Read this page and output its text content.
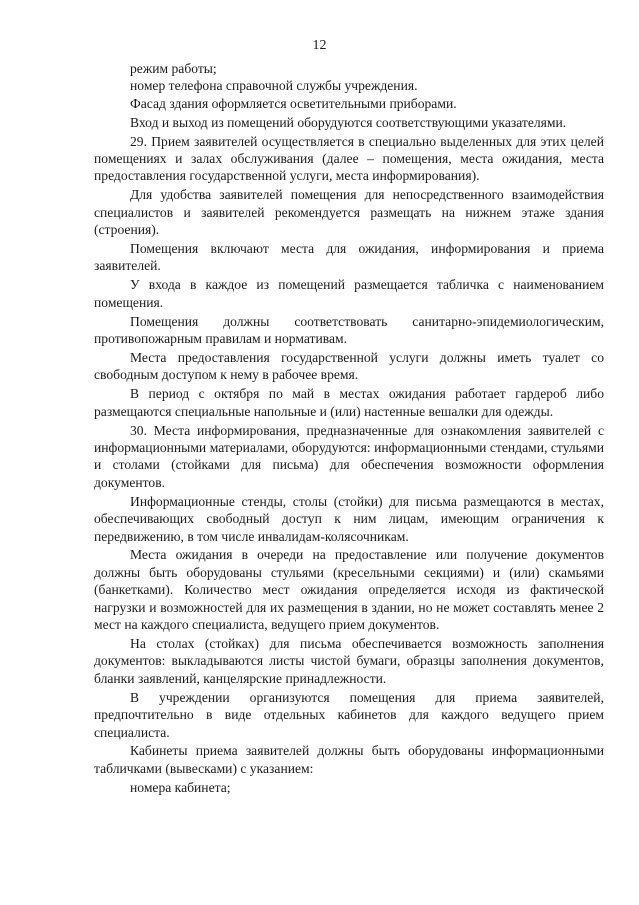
12

режим работы;

номер телефона справочной службы учреждения.

Фасад здания оформляется осветительными приборами.

Вход и выход из помещений оборудуются соответствующими указателями.

29. Прием заявителей осуществляется в специально выделенных для этих целей помещениях и залах обслуживания (далее – помещения, места ожидания, места предоставления государственной услуги, места информирования).

Для удобства заявителей помещения для непосредственного взаимодействия специалистов и заявителей рекомендуется размещать на нижнем этаже здания (строения).

Помещения включают места для ожидания, информирования и приема заявителей.

У входа в каждое из помещений размещается табличка с наименованием помещения.

Помещения должны соответствовать санитарно-эпидемиологическим, противопожарным правилам и нормативам.

Места предоставления государственной услуги должны иметь туалет со свободным доступом к нему в рабочее время.

В период с октября по май в местах ожидания работает гардероб либо размещаются специальные напольные и (или) настенные вешалки для одежды.

30. Места информирования, предназначенные для ознакомления заявителей с информационными материалами, оборудуются: информационными стендами, стульями и столами (стойками для письма) для обеспечения возможности оформления документов.

Информационные стенды, столы (стойки) для письма размещаются в местах, обеспечивающих свободный доступ к ним лицам, имеющим ограничения к передвижению, в том числе инвалидам-колясочникам.

Места ожидания в очереди на предоставление или получение документов должны быть оборудованы стульями (кресельными секциями) и (или) скамьями (банкетками). Количество мест ожидания определяется исходя из фактической нагрузки и возможностей для их размещения в здании, но не может составлять менее 2 мест на каждого специалиста, ведущего прием документов.

На столах (стойках) для письма обеспечивается возможность заполнения документов: выкладываются листы чистой бумаги, образцы заполнения документов, бланки заявлений, канцелярские принадлежности.

В учреждении организуются помещения для приема заявителей, предпочтительно в виде отдельных кабинетов для каждого ведущего прием специалиста.

Кабинеты приема заявителей должны быть оборудованы информационными табличками (вывесками) с указанием:

номера кабинета;
